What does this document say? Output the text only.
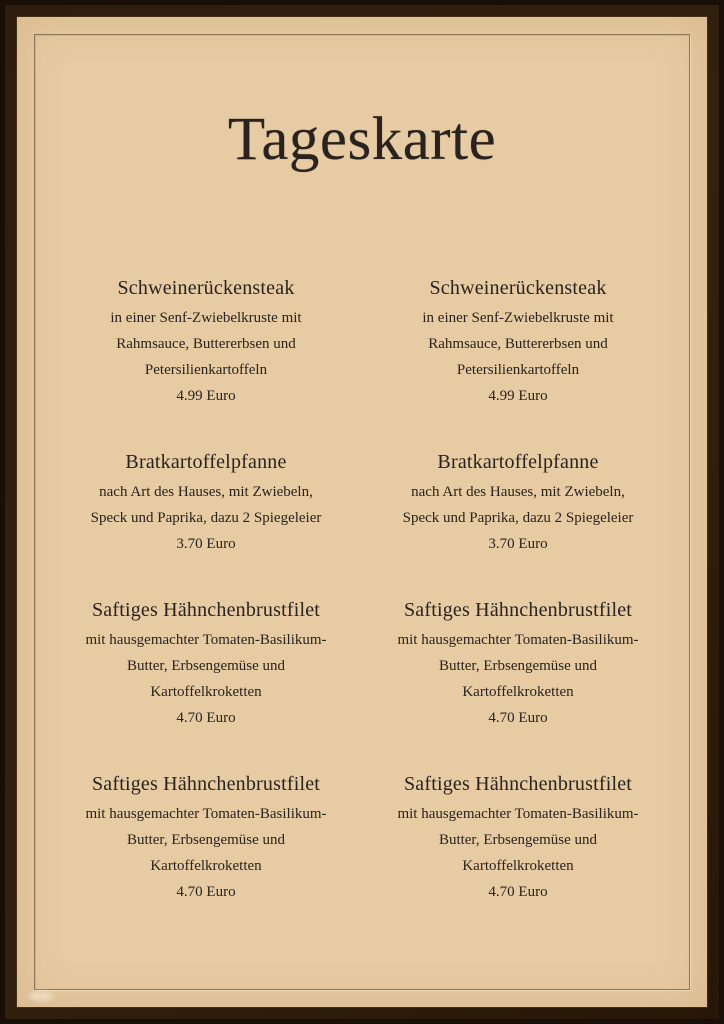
Tageskarte
Schweinerückensteak
in einer Senf-Zwiebelkruste mit
Rahmsauce, Buttererbsen und
Petersilienkartoffeln
4.99 Euro
Bratkartoffelpfanne
nach Art des Hauses, mit Zwiebeln,
Speck und Paprika, dazu 2 Spiegeleier
3.70 Euro
Saftiges Hähnchenbrustfilet
mit hausgemachter Tomaten-Basilikum-
Butter, Erbsengemüse und
Kartoffelkroketten
4.70 Euro
Saftiges Hähnchenbrustfilet
mit hausgemachter Tomaten-Basilikum-
Butter, Erbsengemüse und
Kartoffelkroketten
4.70 Euro
Schweinerückensteak
in einer Senf-Zwiebelkruste mit
Rahmsauce, Buttererbsen und
Petersilienkartoffeln
4.99 Euro
Bratkartoffelpfanne
nach Art des Hauses, mit Zwiebeln,
Speck und Paprika, dazu 2 Spiegeleier
3.70 Euro
Saftiges Hähnchenbrustfilet
mit hausgemachter Tomaten-Basilikum-
Butter, Erbsengemüse und
Kartoffelkroketten
4.70 Euro
Saftiges Hähnchenbrustfilet
mit hausgemachter Tomaten-Basilikum-
Butter, Erbsengemüse und
Kartoffelkroketten
4.70 Euro
